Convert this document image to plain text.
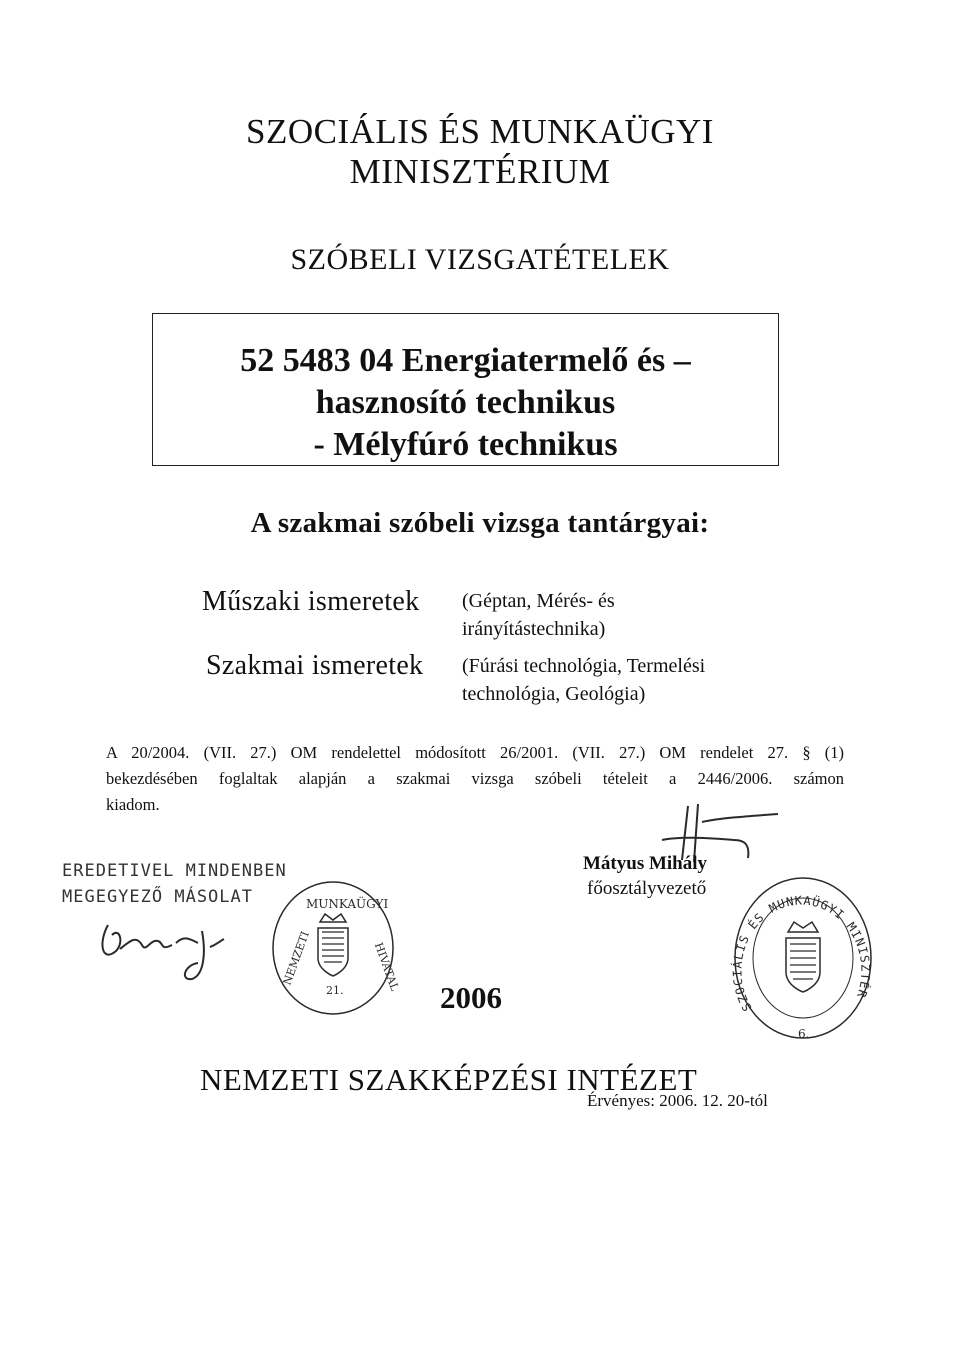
SZOCIÁLIS ÉS MUNKAÜGYI
MINISZTÉRIUM
SZÓBELI VIZSGATÉTELEK
52 5483 04 Energiatermelő és –
hasznosító technikus
- Mélyfúró technikus
A szakmai szóbeli vizsga tantárgyai:
Műszaki ismeretek (Géptan, Mérés- és
irányítástechnika)
Szakmai ismeretek (Fúrási technológia, Termelési
technológia, Geológia)
A 20/2004. (VII. 27.) OM rendelettel módosított 26/2001. (VII. 27.) OM rendelet 27. § (1)
bekezdésében foglaltak alapján a szakmai vizsga szóbeli tételeit a 2446/2006. számon
kiadom.
EREDETIVEL MINDENBEN
MEGEGYEZŐ MÁSOLAT
Mátyus Mihály
főosztályvezető
MUNKAÜGYI
NEMZETI	HIVATAL
21.	2006	SZOCIÁLIS ÉS MUNKAÜGYI MINISZTÉRIUM
6.
NEMZETI SZAKKÉPZÉSI INTÉZET
Érvényes: 2006. 12. 20-tól
